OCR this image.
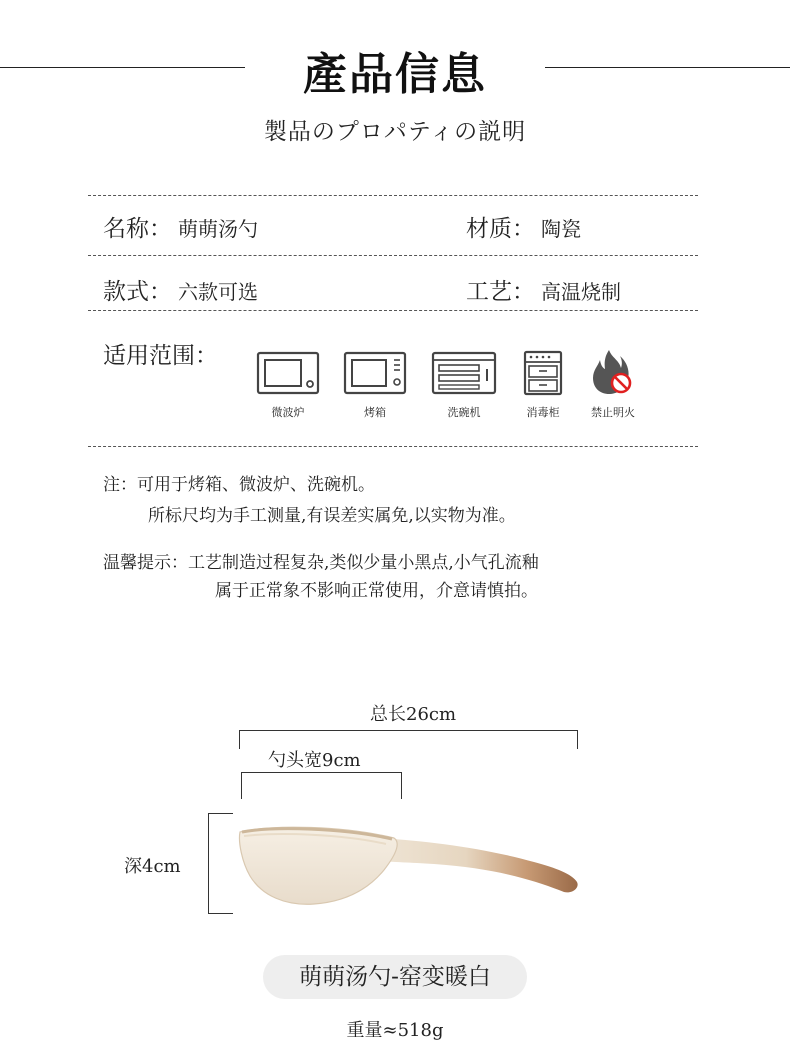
產品信息
製品のプロパティの説明
名称： 萌萌汤勺	材质： 陶瓷
款式： 六款可选	工艺： 高温烧制
适用范围：
微波炉	烤箱	洗碗机	消毒柜	禁止明火
注：可用于烤箱、微波炉、洗碗机。
所标尺均为手工测量,有误差实属免,以实物为准。
温馨提示：工艺制造过程复杂,类似少量小黑点,小气孔流釉
属于正常象不影响正常使用，介意请慎拍。
总长26cm
勺头宽9cm
深4cm
萌萌汤勺-窑变暖白
重量≈518g
